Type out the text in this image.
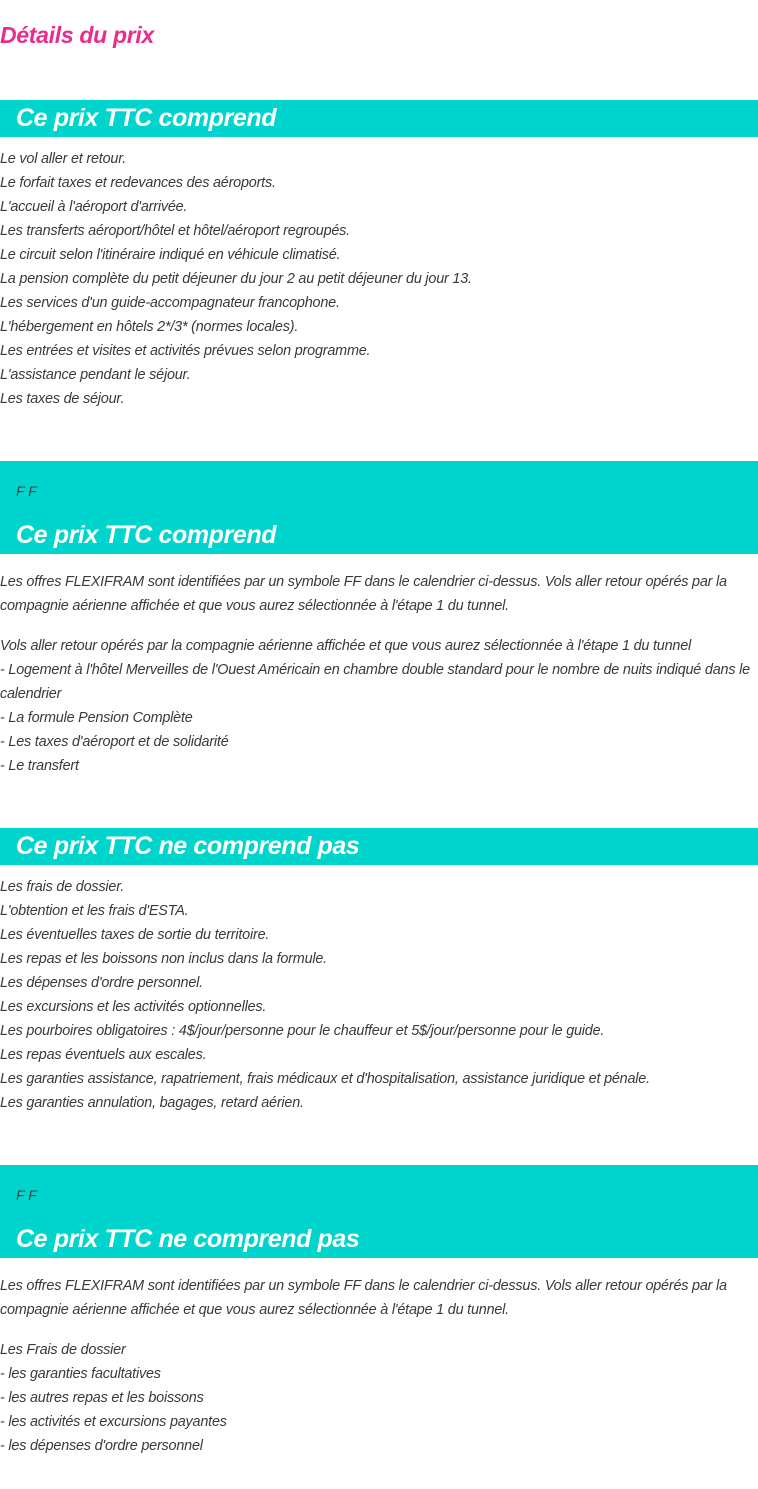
Détails du prix
Ce prix TTC comprend
Le vol aller et retour.
Le forfait taxes et redevances des aéroports.
L'accueil à l'aéroport d'arrivée.
Les transferts aéroport/hôtel et hôtel/aéroport regroupés.
Le circuit selon l'itinéraire indiqué en véhicule climatisé.
La pension complète du petit déjeuner du jour 2 au petit déjeuner du jour 13.
Les services d'un guide-accompagnateur francophone.
L'hébergement en hôtels 2*/3* (normes locales).
Les entrées et visites et activités prévues selon programme.
L'assistance pendant le séjour.
Les taxes de séjour.
F F
Ce prix TTC comprend

Les offres FLEXIFRAM sont identifiées par un symbole FF dans le calendrier ci-dessus. Vols aller retour opérés par la compagnie aérienne affichée et que vous aurez sélectionnée à l'étape 1 du tunnel.

Vols aller retour opérés par la compagnie aérienne affichée et que vous aurez sélectionnée à l'étape 1 du tunnel
- Logement à l'hôtel Merveilles de l'Ouest Américain en chambre double standard pour le nombre de nuits indiqué dans le calendrier
- La formule Pension Complète
- Les taxes d'aéroport et de solidarité
- Le transfert
Ce prix TTC ne comprend pas
Les frais de dossier.
L'obtention et les frais d'ESTA.
Les éventuelles taxes de sortie du territoire.
Les repas et les boissons non inclus dans la formule.
Les dépenses d'ordre personnel.
Les excursions et les activités optionnelles.
Les pourboires obligatoires : 4$/jour/personne pour le chauffeur et 5$/jour/personne pour le guide.
Les repas éventuels aux escales.
Les garanties assistance, rapatriement, frais médicaux et d'hospitalisation, assistance juridique et pénale.
Les garanties annulation, bagages, retard aérien.
F F
Ce prix TTC ne comprend pas

Les offres FLEXIFRAM sont identifiées par un symbole FF dans le calendrier ci-dessus. Vols aller retour opérés par la compagnie aérienne affichée et que vous aurez sélectionnée à l'étape 1 du tunnel.

Les Frais de dossier
- les garanties facultatives
- les autres repas et les boissons
- les activités et excursions payantes
- les dépenses d'ordre personnel
